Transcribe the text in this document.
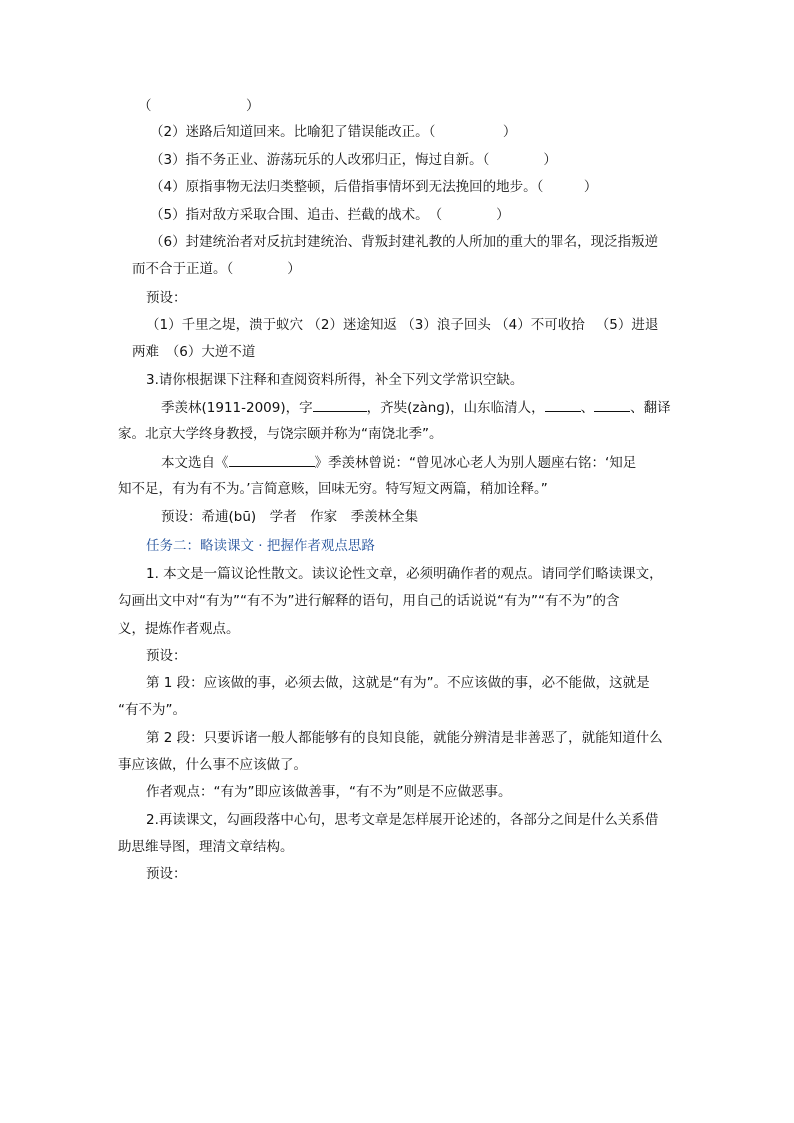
（　　　　　　　）
（2）迷路后知道回来。比喻犯了错误能改正。（　　　　　）
（3）指不务正业、游荡玩乐的人改邪归正，悔过自新。（　　　　）
（4）原指事物无法归类整顿，后借指事情坏到无法挽回的地步。（　　　）
（5）指对敌方采取合围、追击、拦截的战术。　（　　　　）
（6）封建统治者对反抗封建统治、背叛封建礼教的人所加的重大的罪名，现泛指叛逆
而不合于正道。（　　　　）
预设：
（1）千里之堤，溃于蚁穴 （2）迷途知返 （3）浪子回头 （4）不可收拾 　（5）进退
两难　（6）大逆不道
3.请你根据课下注释和查阅资料所得，补全下列文学常识空缺。
季羡林(1911-2009)，字	，齐奘(zànɡ)，山东临清人，	、	、翻译
家。北京大学终身教授，与饶宗颐并称为“南饶北季”。
本文选自《	》季羡林曾说：“曾见冰心老人为别人题座右铭：‘知足
知不足，有为有不为。’言简意赅，回味无穷。特写短文两篇，稍加诠释。”
预设：希逋(bū)　学者　作家　季羡林全集
任务二：略读课文 · 把握作者观点思路
1. 本文是一篇议论性散文。读议论性文章，必须明确作者的观点。请同学们略读课文，
勾画出文中对“有为”“有不为”进行解释的语句，用自己的话说说“有为”“有不为”的含
义，提炼作者观点。
预设：
第 1 段：应该做的事，必须去做，这就是“有为”。不应该做的事，必不能做，这就是
“有不为”。
第 2 段：只要诉诸一般人都能够有的良知良能，就能分辨清是非善恶了，就能知道什么
事应该做，什么事不应该做了。
作者观点：“有为”即应该做善事，“有不为”则是不应做恶事。
2.再读课文，勾画段落中心句，思考文章是怎样展开论述的，各部分之间是什么关系借
助思维导图，理清文章结构。
预设：
